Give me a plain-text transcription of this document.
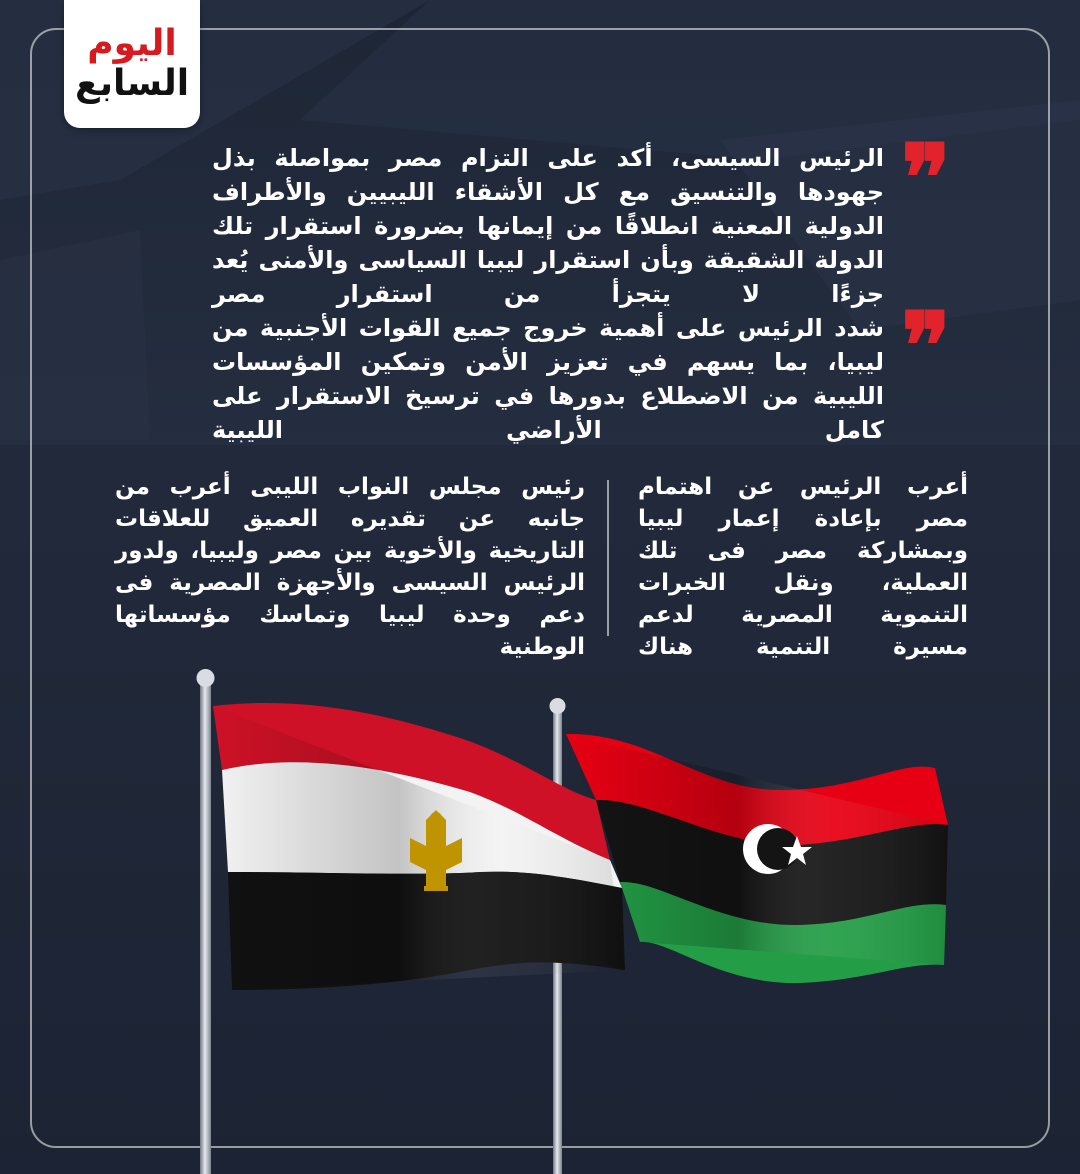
اليوم
السابع
❞
الرئيس السيسى، أكد على التزام مصر بمواصلة بذل جهودها والتنسيق مع كل الأشقاء الليبيين والأطراف الدولية المعنية انطلاقًا من إيمانها بضرورة استقرار تلك الدولة الشقيقة وبأن استقرار ليبيا السياسى والأمنى يُعد جزءًا لا يتجزأ من استقرار مصر ❞
شدد الرئيس على أهمية خروج جميع القوات الأجنبية من ليبيا، بما يسهم في تعزيز الأمن وتمكين المؤسسات الليبية من الاضطلاع بدورها في ترسيخ الاستقرار على كامل الأراضي الليبية
أعرب الرئيس عن اهتمام مصر بإعادة إعمار ليبيا وبمشاركة مصر فى تلك العملية، ونقل الخبرات التنموية المصرية لدعم مسيرة التنمية هناك
رئيس مجلس النواب الليبى أعرب من جانبه عن تقديره العميق للعلاقات التاريخية والأخوية بين مصر وليبيا، ولدور الرئيس السيسى والأجهزة المصرية فى دعم وحدة ليبيا وتماسك مؤسساتها الوطنية
